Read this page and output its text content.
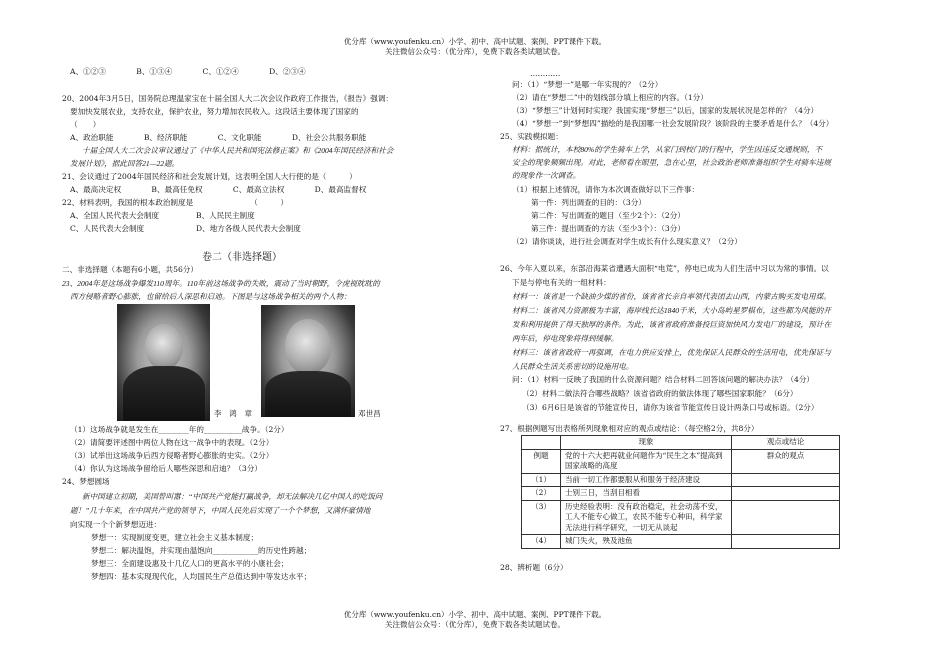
优分库（www.youfenku.cn）小学、初中、高中试题、案例、PPT课件下载。
关注微信公众号：（优分库），免费下载各类试题试卷。
A、①②③　　　　B、①③④　　　　C、①②④　　　　D、②③④
20、2004年3月5日，国务院总理温家宝在十届全国人大二次会议作政府工作报告，《报告》强调：
要加快发展农业，支持农业，保护农业，努力增加农民收入。这段话主要体现了国家的
（　　）
A、政治职能　　　　B、经济职能　　　　C、文化职能　　　　D、社会公共服务职能
十届全国人大二次会议审议通过了《中华人民共和国宪法修正案》和《2004年国民经济和社会
发展计划》，据此回答21—22题。
21、会议通过了2004年国民经济和社会发展计划，这表明全国人大行使的是（　　　）
A、最高决定权　　　　B、最高任免权　　　　C、最高立法权　　　　D、最高监督权
22、材料表明，我国的根本政治制度是　　　　　　　　（　　　）
A、全国人民代表大会制度	B、人民民主制度
C、人民代表大会制度	D、地方各级人民代表大会制度
卷二（非选择题）
二、非选择题（本题有6小题，共56分）
23、2004年是这场战争爆发110周年。110年前这场战争的失败，震动了当时朝野，令虎视眈眈的
西方侵略者野心膨胀，也留给后人深思和启迪。下图是与这场战争相关的两个人物：
李　鸿　章	邓世昌
（1）这场战争就是发生在________年的__________战争。（2分）
（2）请简要评述图中两位人物在这一战争中的表现。（2分）
（3）试举出这场战争后西方侵略者野心膨胀的史实。（2分）
（4）你认为这场战争留给后人哪些深思和启迪？（3分）
24、梦想圆场
新中国建立初期，美国曾叫嚣：“中国共产党能打赢战争，却无法解决几亿中国人的吃饭问
题！”几十年来，在中国共产党的领导下，中国人民先后实现了一个个梦想，又满怀豪情地
向实现一个个新梦想迈进：
梦想一：实现制度变更，建立社会主义基本制度；
梦想二：解决温饱，并实现由温饱向____________的历史性跨越；
梦想三：全面建设惠及十几亿人口的更高水平的小康社会；
梦想四：基本实现现代化，人均国民生产总值达到中等发达水平；
…………
问：（1）“梦想一”是哪一年实现的？（2分）
（2）请在“梦想二”中的划线部分填上相应的内容。（1分）
（3）“梦想三”计划何时实现？我国实现“梦想三”以后，国家的发展状况是怎样的？（4分）
（4）“梦想一”到“梦想四”描绘的是我国哪一社会发展阶段？该阶段的主要矛盾是什么？（4分）
25、实践模拟题：
材料：据统计，本校80%的学生骑车上学，从家门到校门的行程中，学生因违反交通规则，不
安全的现象频频出现。对此，老师看在眼里，急在心里，社会政治老师准备组织学生对骑车违规
的现象作一次调查。
（1）根据上述情况，请你为本次调查做好以下三件事：
第一件：列出调查的目的：（3分）
第二件：写出调查的题目（至少2个）：（2分）
第三件：提出调查的方法（至少3个）：（3分）
（2）请你谈谈，进行社会调查对学生成长有什么现实意义？（2分）
26、今年入夏以来，东部沿海某省遭遇大面积“电荒”，停电已成为人们生活中习以为常的事情。以
下是与停电有关的一组材料：
材料一：该省是一个缺油少煤的省份，该省省长亲自率领代表团去山西，内蒙古购买发电用煤。
材料二：该省风力资源极为丰富，海岸线长达1840千米，大小岛屿星罗棋布，这些都为风能的开
发和利用提供了得天独厚的条件。为此，该省省政府准备投巨资加快风力发电厂的建设，预计在
两年后，停电现象将得到缓解。
材料三：该省省政府一再强调，在电力供应安排上，优先保证人民群众的生活用电，优先保证与
人民群众生活关系密切的设施用电。
问：（1）材料一反映了我国的什么资源问题？结合材料二回答该问题的解决办法？（4分）
（2）材料二做法符合哪些战略？该省省政府的做法体现了哪些国家职能？（6分）
（3）6月6日是该省的节能宣传日，请你为该省节能宣传日设计两条口号或标语。（2分）
27、根据例题写出表格所列现象相对应的观点或结论：（每空格2分，共8分）
	现象	观点或结论
例题	党的十六大把再就业问题作为“民生之本”提高到国家战略的高度	群众的观点
（1）	当前一切工作都要服从和服务于经济建设	
（2）	士别三日，当刮目相看	
（3）	历史经验表明：没有政治稳定，社会动荡不安，工人不能专心做工，农民不能专心种田，科学家无法进行科学研究，一切无从谈起	
（4）	城门失火，殃及池鱼	
28、辨析题（6分）
优分库（www.youfenku.cn）小学、初中、高中试题、案例、PPT课件下载。
关注微信公众号：（优分库），免费下载各类试题试卷。
